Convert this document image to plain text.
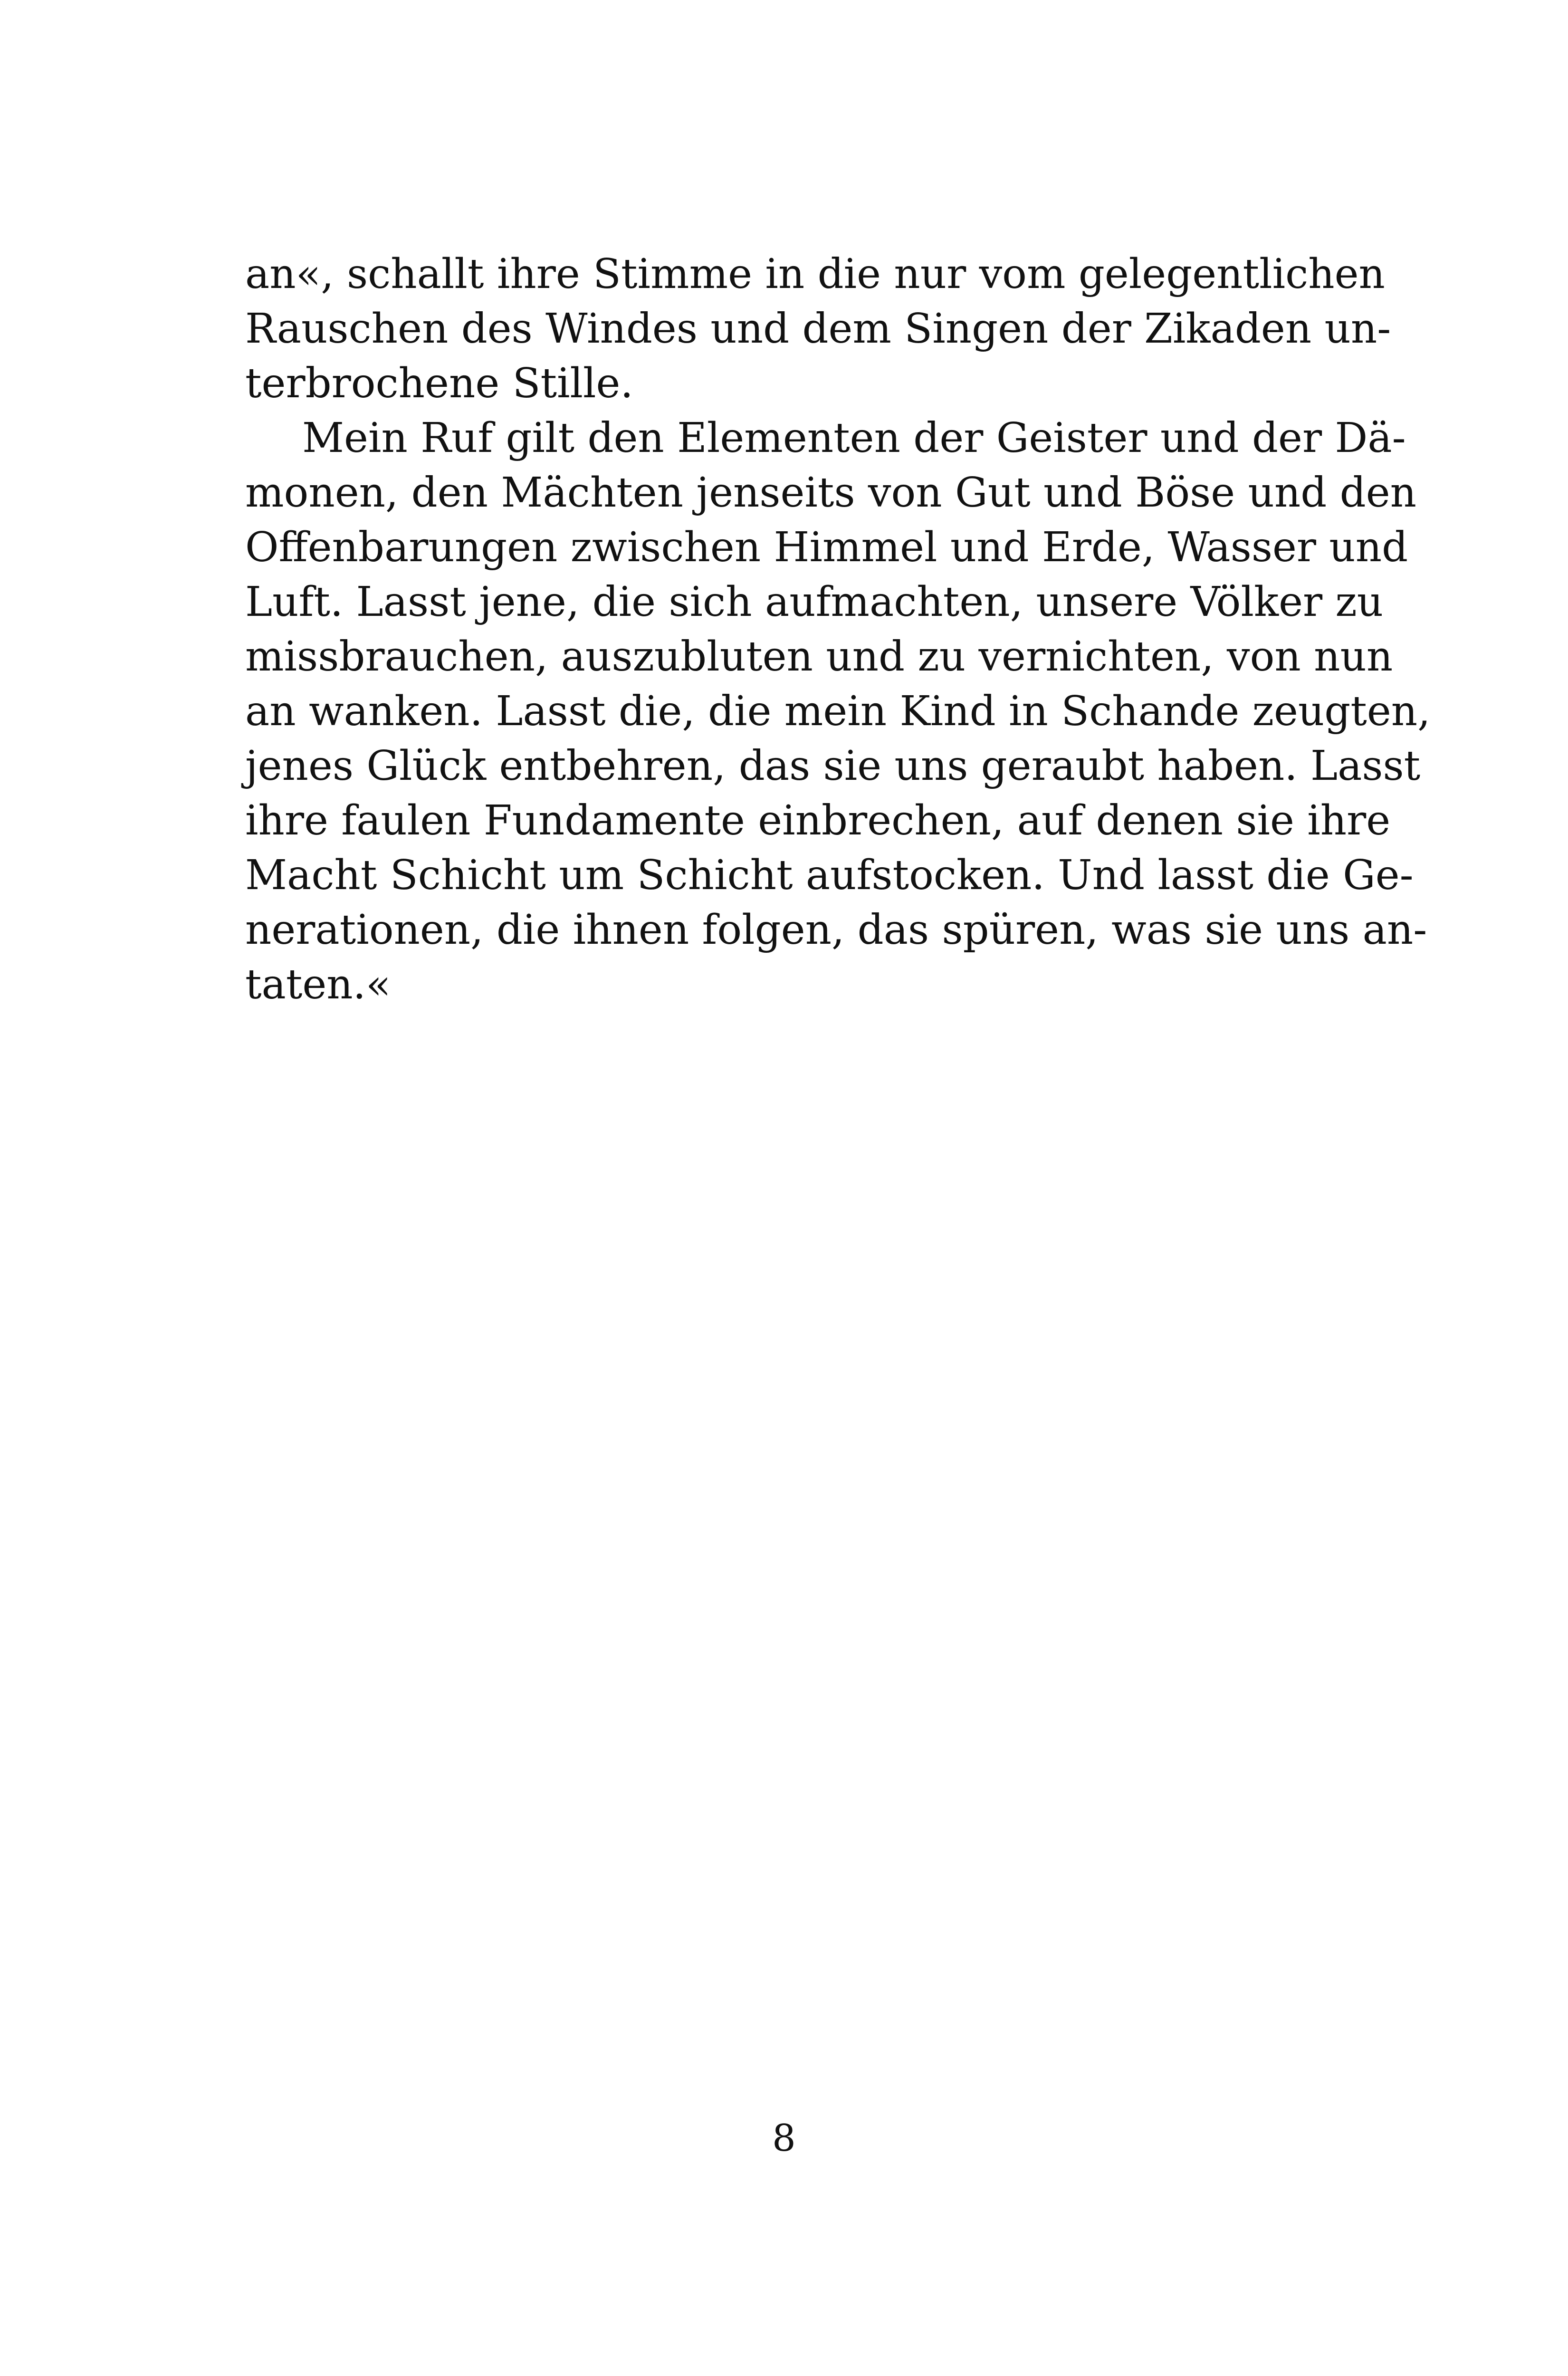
an«, schallt ihre Stimme in die nur vom gelegentlichen
Rauschen des Windes und dem Singen der Zikaden un-
terbrochene Stille.
Mein Ruf gilt den Elementen der Geister und der Dä-
monen, den Mächten jenseits von Gut und Böse und den
Offenbarungen zwischen Himmel und Erde, Wasser und
Luft. Lasst jene, die sich aufmachten, unsere Völker zu
missbrauchen, auszubluten und zu vernichten, von nun
an wanken. Lasst die, die mein Kind in Schande zeugten,
jenes Glück entbehren, das sie uns geraubt haben. Lasst
ihre faulen Fundamente einbrechen, auf denen sie ihre
Macht Schicht um Schicht aufstocken. Und lasst die Ge-
nerationen, die ihnen folgen, das spüren, was sie uns an-
taten.«
8
